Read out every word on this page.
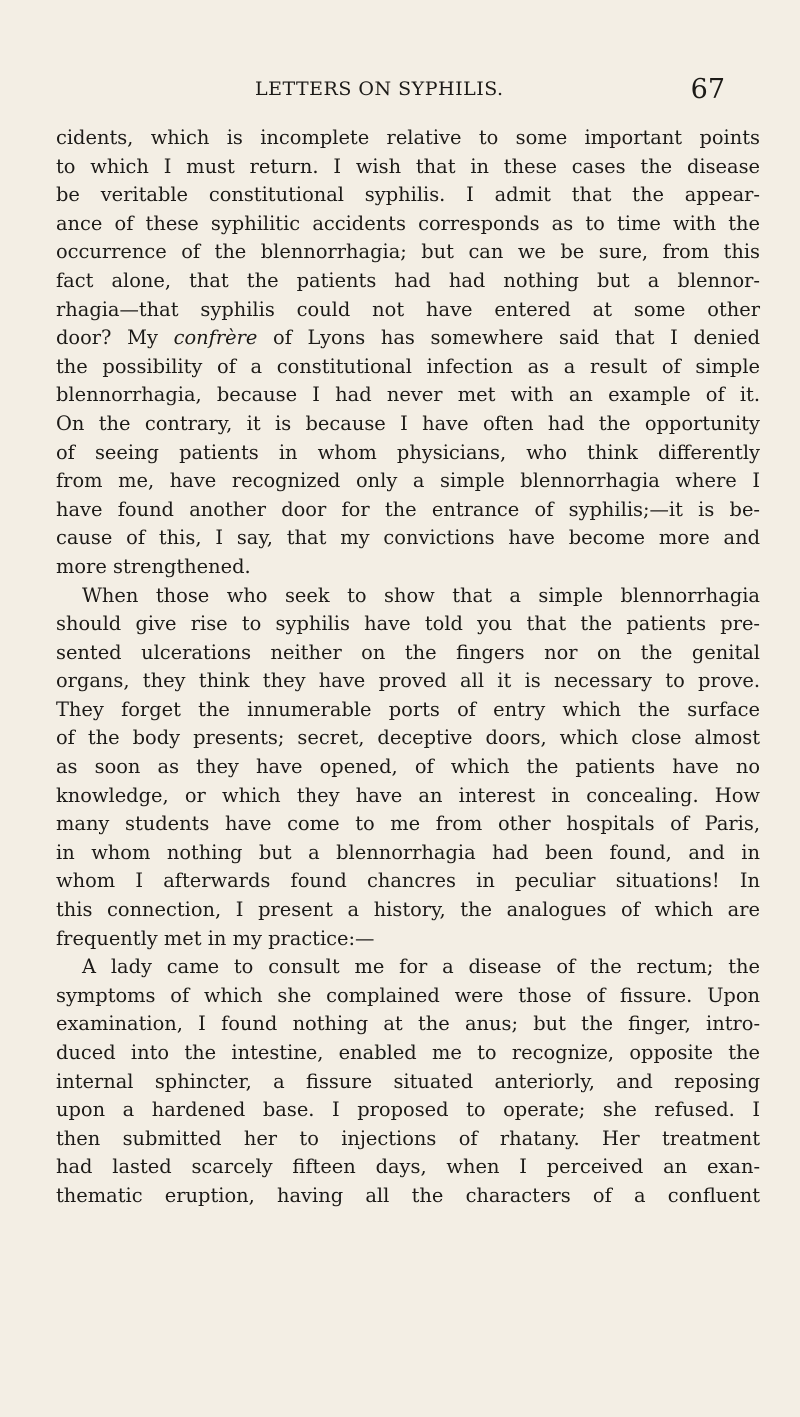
LETTERS ON SYPHILIS.	67
cidents, which is incomplete relative to some important points
to which I must return. I wish that in these cases the disease
be veritable constitutional syphilis. I admit that the appear-
ance of these syphilitic accidents corresponds as to time with the
occurrence of the blennorrhagia; but can we be sure, from this
fact alone, that the patients had had nothing but a blennor-
rhagia—that syphilis could not have entered at some other
door? My confrère of Lyons has somewhere said that I denied
the possibility of a constitutional infection as a result of simple
blennorrhagia, because I had never met with an example of it.
On the contrary, it is because I have often had the opportunity
of seeing patients in whom physicians, who think differently
from me, have recognized only a simple blennorrhagia where I
have found another door for the entrance of syphilis;—it is be-
cause of this, I say, that my convictions have become more and
more strengthened.
When those who seek to show that a simple blennorrhagia
should give rise to syphilis have told you that the patients pre-
sented ulcerations neither on the fingers nor on the genital
organs, they think they have proved all it is necessary to prove.
They forget the innumerable ports of entry which the surface
of the body presents; secret, deceptive doors, which close almost
as soon as they have opened, of which the patients have no
knowledge, or which they have an interest in concealing. How
many students have come to me from other hospitals of Paris,
in whom nothing but a blennorrhagia had been found, and in
whom I afterwards found chancres in peculiar situations! In
this connection, I present a history, the analogues of which are
frequently met in my practice:—
A lady came to consult me for a disease of the rectum; the
symptoms of which she complained were those of fissure. Upon
examination, I found nothing at the anus; but the finger, intro-
duced into the intestine, enabled me to recognize, opposite the
internal sphincter, a fissure situated anteriorly, and reposing
upon a hardened base. I proposed to operate; she refused. I
then submitted her to injections of rhatany. Her treatment
had lasted scarcely fifteen days, when I perceived an exan-
thematic eruption, having all the characters of a confluent
